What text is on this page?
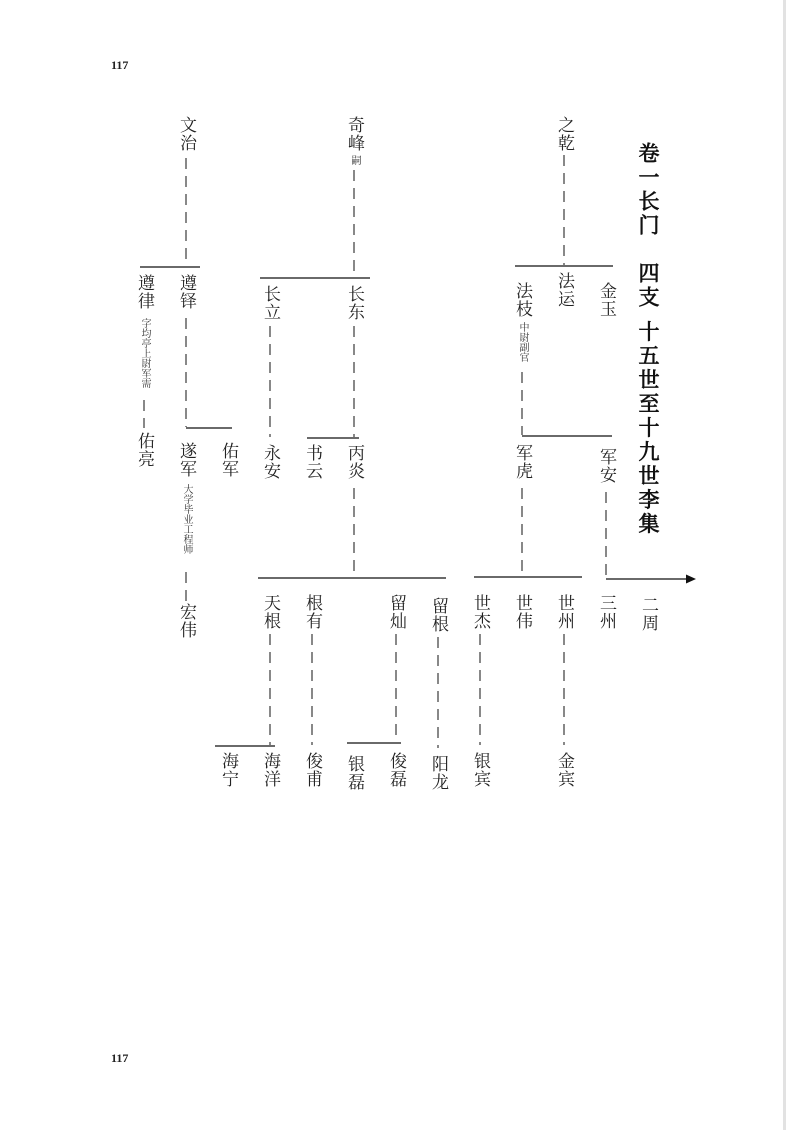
117
117
卷一长门　四支 十五世至十九世李集
文治	奇峰
嗣
之乾
遵律
字均亭上尉军需
遵铎	长立	长东	法枝
中尉副官
法运 金玉
佑亮 遂军
大学毕业工程师
佑军 永安 书云 丙炎	军虎	军安
宏伟	天根 根有	留灿 留根 世杰 世伟 世州 三州 二周
海宁 海洋 俊甫 银磊 俊磊 阳龙 银宾	金宾
